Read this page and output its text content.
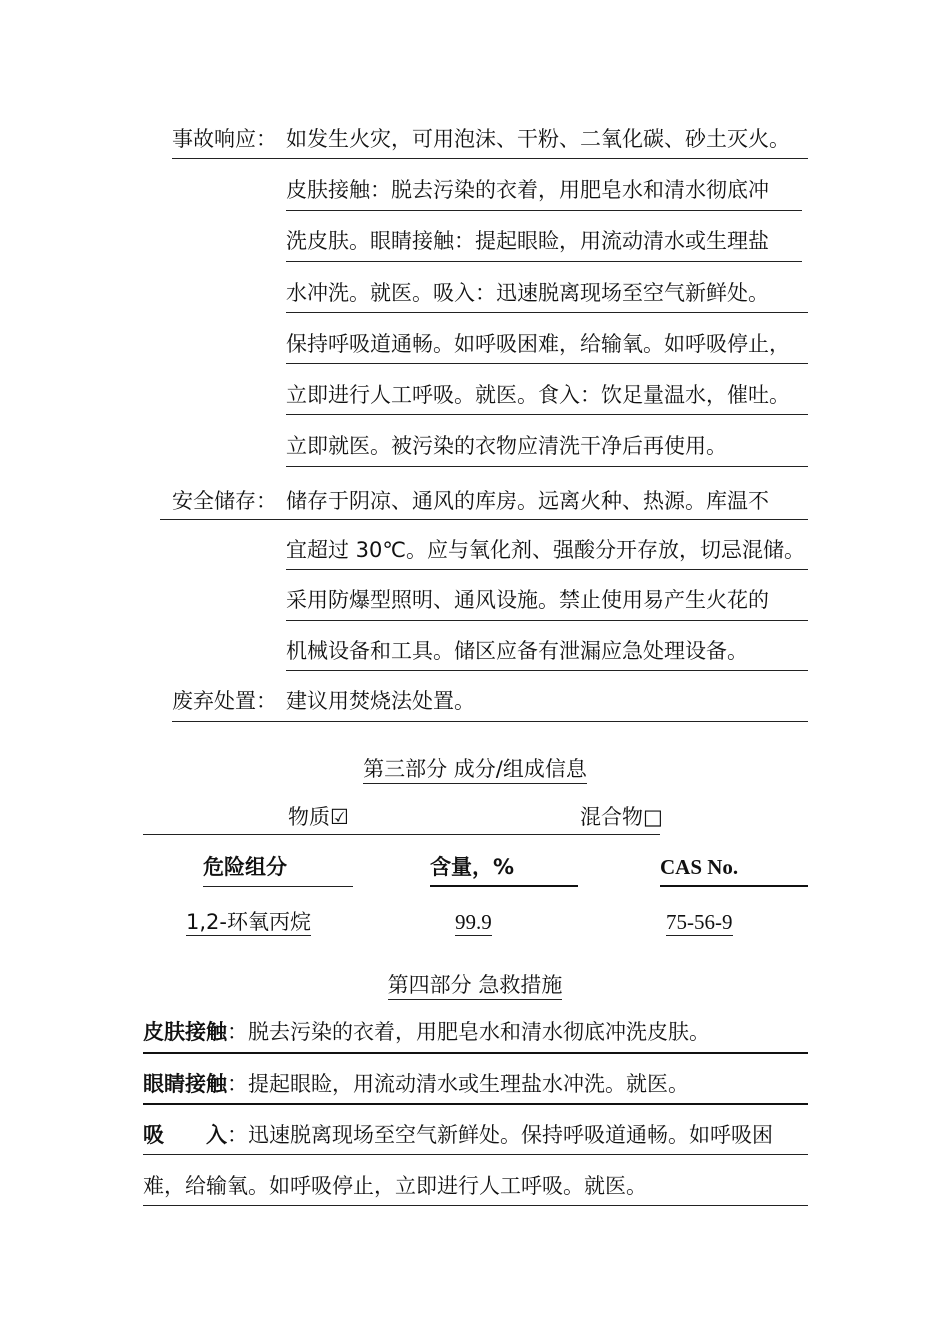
事故响应： 如发生火灾，可用泡沫、干粉、二氧化碳、砂土灭火。
皮肤接触：脱去污染的衣着，用肥皂水和清水彻底冲
洗皮肤。眼睛接触：提起眼睑，用流动清水或生理盐
水冲洗。就医。吸入：迅速脱离现场至空气新鲜处。
保持呼吸道通畅。如呼吸困难，给输氧。如呼吸停止，
立即进行人工呼吸。就医。食入：饮足量温水，催吐。
立即就医。被污染的衣物应清洗干净后再使用。
安全储存： 储存于阴凉、通风的库房。远离火种、热源。库温不
宜超过 30℃。应与氧化剂、强酸分开存放，切忌混储。
采用防爆型照明、通风设施。禁止使用易产生火花的
机械设备和工具。储区应备有泄漏应急处理设备。
废弃处置： 建议用焚烧法处置。
第三部分 成分/组成信息
物质☑	混合物□
危险组分	含量，%	CAS No.
1,2-环氧丙烷	99.9	75-56-9
第四部分 急救措施
皮肤接触：脱去污染的衣着，用肥皂水和清水彻底冲洗皮肤。
眼睛接触：提起眼睑，用流动清水或生理盐水冲洗。就医。
吸　　入：迅速脱离现场至空气新鲜处。保持呼吸道通畅。如呼吸困
难，给输氧。如呼吸停止，立即进行人工呼吸。就医。
